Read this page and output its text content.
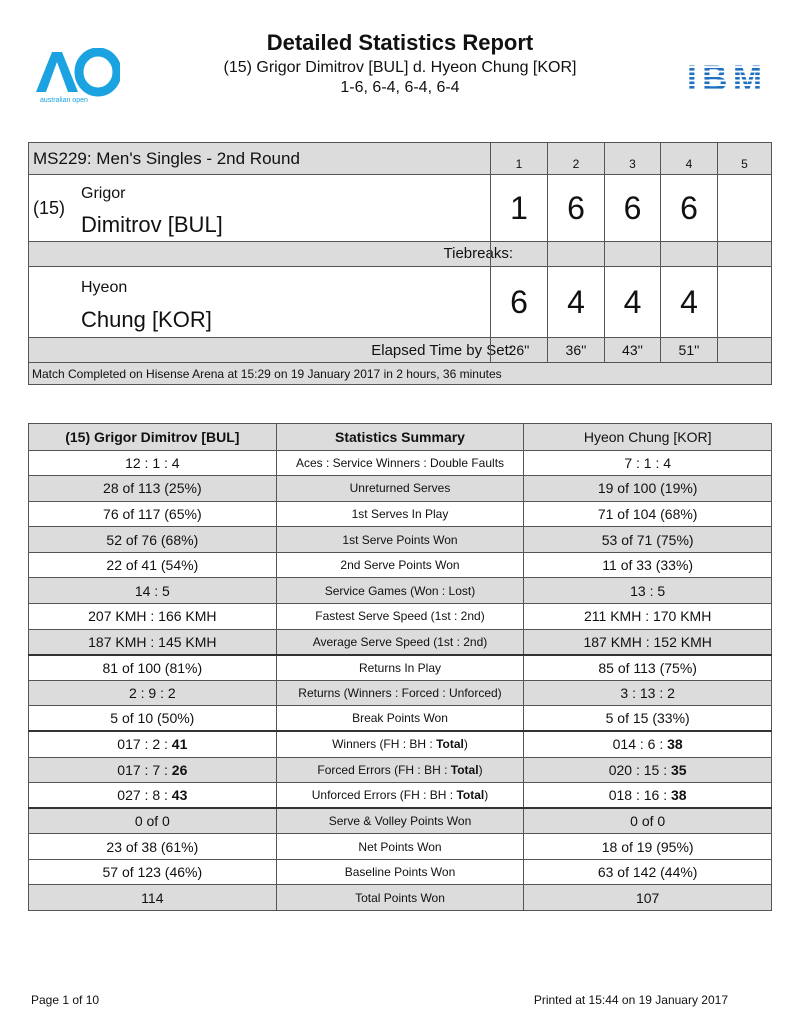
australian open
Detailed Statistics Report
(15) Grigor Dimitrov [BUL] d. Hyeon Chung [KOR]
1-6, 6-4, 6-4, 6-4	IBM
MS229: Men's Singles - 2nd Round	1	2	3	4	5
(15)
Grigor
Dimitrov [BUL]	1	6	6	6
Tiebreaks:
Hyeon
Chung [KOR]	6	4	4	4
Elapsed Time by Set:
26''	36''	43''	51''
Match Completed on Hisense Arena at 15:29 on 19 January 2017 in 2 hours, 36 minutes
(15) Grigor Dimitrov [BUL]	Statistics Summary	Hyeon Chung [KOR]
12 : 1 : 4	Aces : Service Winners : Double Faults	7 : 1 : 4
28 of 113 (25%)	Unreturned Serves	19 of 100 (19%)
76 of 117 (65%)	1st Serves In Play	71 of 104 (68%)
52 of 76 (68%)	1st Serve Points Won	53 of 71 (75%)
22 of 41 (54%)	2nd Serve Points Won	11 of 33 (33%)
14 : 5	Service Games (Won : Lost)	13 : 5
207 KMH : 166 KMH	Fastest Serve Speed (1st : 2nd)	211 KMH : 170 KMH
187 KMH : 145 KMH	Average Serve Speed (1st : 2nd)	187 KMH : 152 KMH
81 of 100 (81%)	Returns In Play	85 of 113 (75%)
2 : 9 : 2	Returns (Winners : Forced : Unforced)	3 : 13 : 2
5 of 10 (50%)	Break Points Won	5 of 15 (33%)
017 : 2 : 41	Winners (FH : BH : Total)	014 : 6 : 38
017 : 7 : 26	Forced Errors (FH : BH : Total)	020 : 15 : 35
027 : 8 : 43	Unforced Errors (FH : BH : Total)	018 : 16 : 38
0 of 0	Serve & Volley Points Won	0 of 0
23 of 38 (61%)	Net Points Won	18 of 19 (95%)
57 of 123 (46%)	Baseline Points Won	63 of 142 (44%)
114	Total Points Won	107
Page 1 of 10	Printed at 15:44 on 19 January 2017
